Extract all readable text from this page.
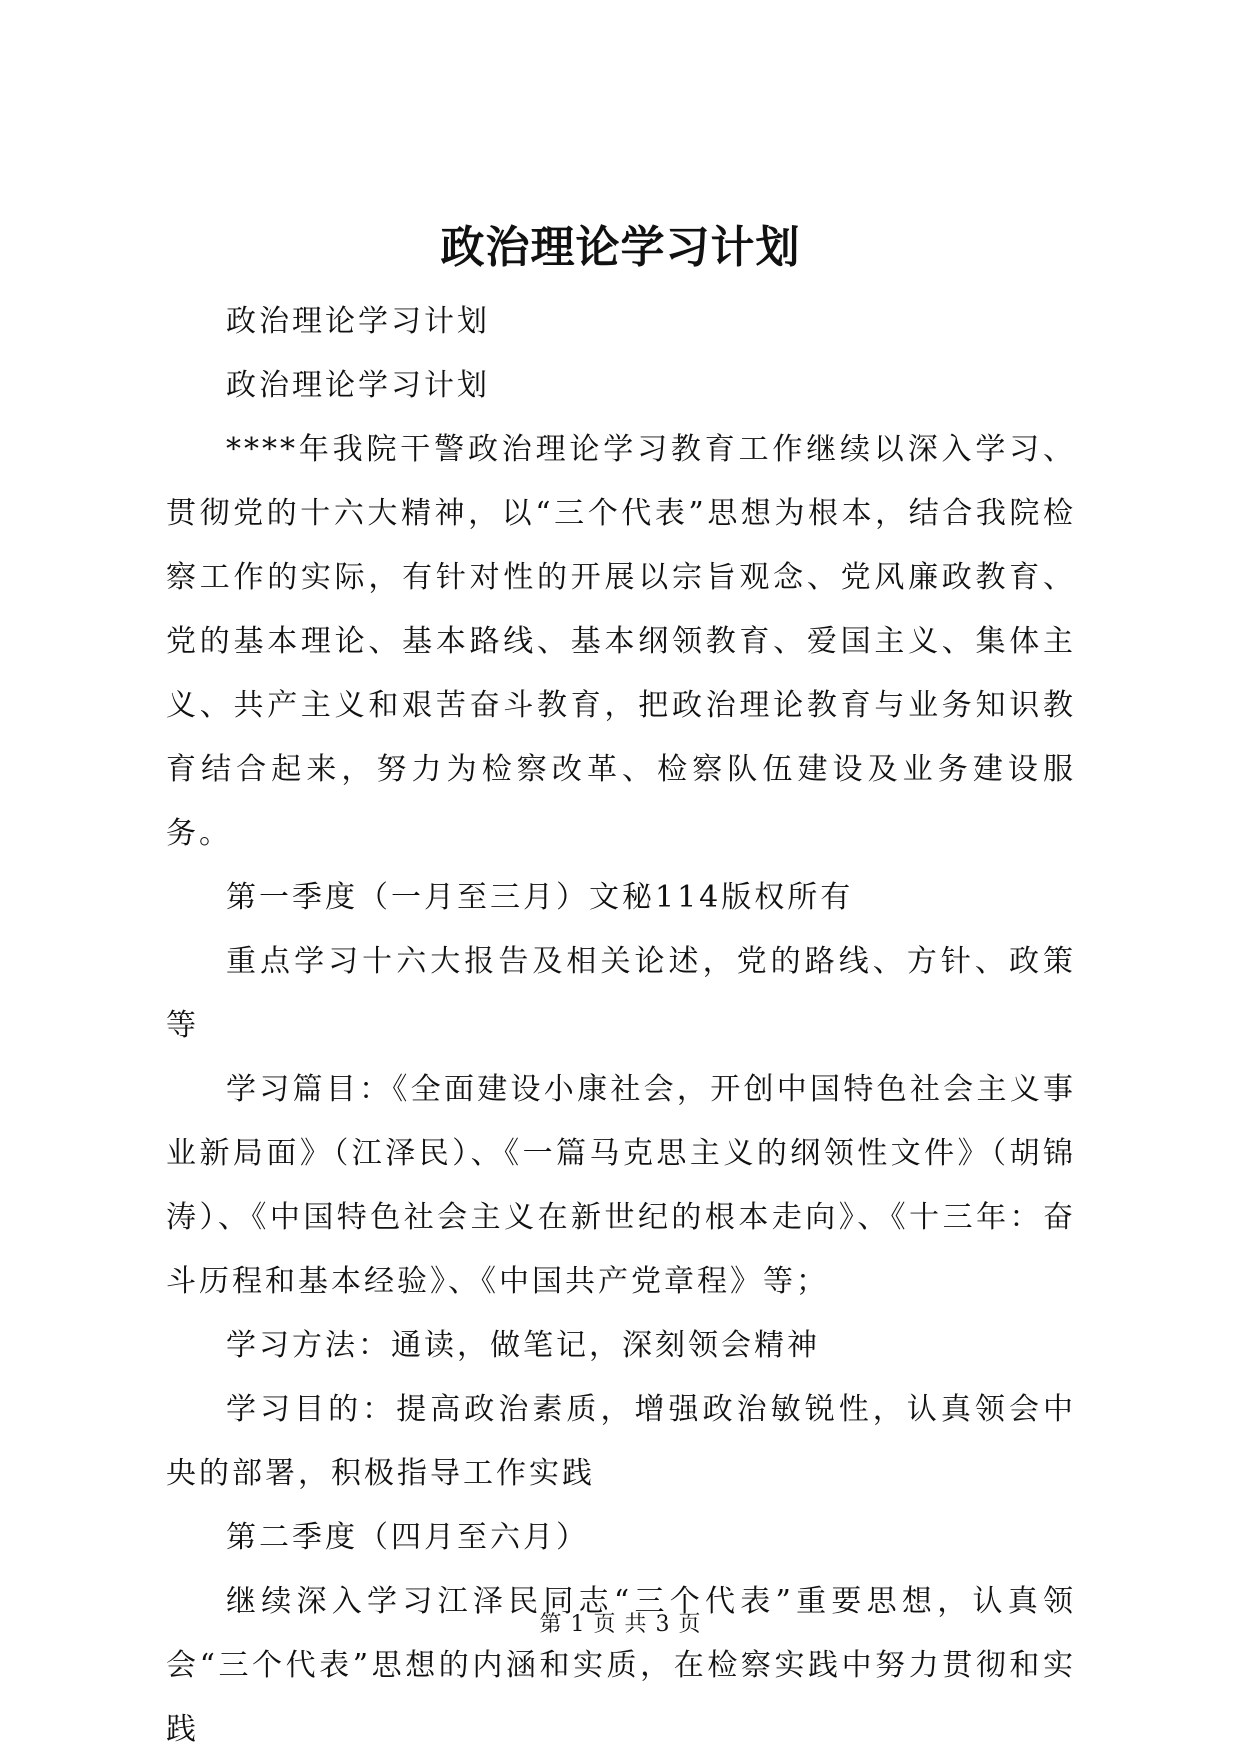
政治理论学习计划

政治理论学习计划

政治理论学习计划

****年我院干警政治理论学习教育工作继续以深入学习、贯彻党的十六大精神，以“三个代表”思想为根本，结合我院检察工作的实际，有针对性的开展以宗旨观念、党风廉政教育、党的基本理论、基本路线、基本纲领教育、爱国主义、集体主义、共产主义和艰苦奋斗教育，把政治理论教育与业务知识教育结合起来，努力为检察改革、检察队伍建设及业务建设服务。

第一季度（一月至三月）文秘114版权所有

重点学习十六大报告及相关论述，党的路线、方针、政策等

学习篇目：《全面建设小康社会，开创中国特色社会主义事业新局面》（江泽民）、《一篇马克思主义的纲领性文件》（胡锦涛）、《中国特色社会主义在新世纪的根本走向》、《十三年：奋斗历程和基本经验》、《中国共产党章程》等；

学习方法：通读，做笔记，深刻领会精神

学习目的：提高政治素质，增强政治敏锐性，认真领会中央的部署，积极指导工作实践

第二季度（四月至六月）

继续深入学习江泽民同志“三个代表”重要思想，认真领会“三个代表”思想的内涵和实质，在检察实践中努力贯彻和实践

第 1 页 共 3 页
